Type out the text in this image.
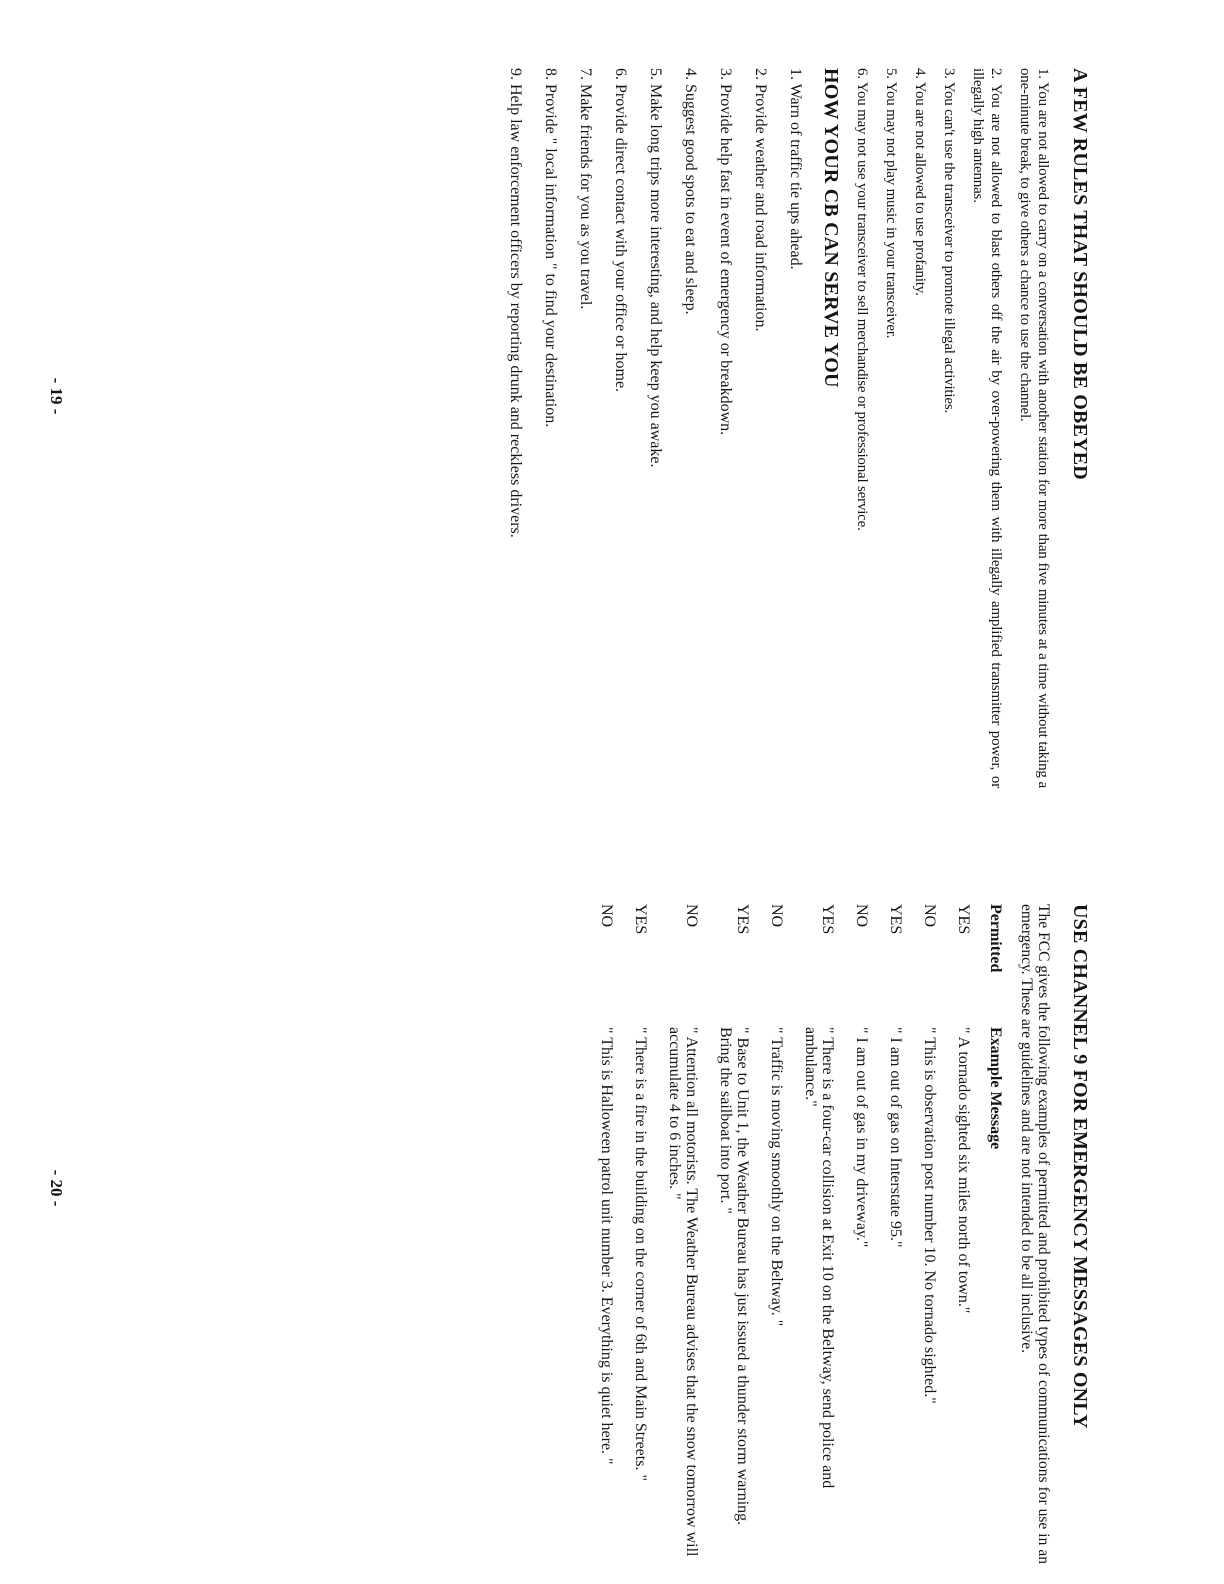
A FEW RULES THAT SHOULD BE OBEYED

1. You are not allowed to carry on a conversation with another station for more than five minutes at a time without taking a one-minute break, to give others a chance to use the channel.

2. You are not allowed to blast others off the air by over-powering them with illegally amplified transmitter power, or illegally high antennas.

3. You can't use the transceiver to promote illegal activities.

4. You are not allowed to use profanity.

5. You may not play music in your transceiver.

6. You may not use your transceiver to sell merchandise or professional service.

HOW YOUR CB CAN SERVE YOU

1. Warn of traffic tie ups ahead.

2. Provide weather and road information.

3. Provide help fast in event of emergency or breakdown.

4. Suggest good spots to eat and sleep.

5. Make long trips more interesting, and help keep you awake.

6. Provide direct contact with your office or home.

7. Make friends for you as you travel.

8. Provide " local information " to find your destination.

9. Help law enforcement officers by reporting drunk and reckless drivers.

- 19 -
USE CHANNEL 9 FOR EMERGENCY MESSAGES ONLY

The FCC gives the following examples of permitted and prohibited types of communications for use in an emergency. These are guidelines and are not intended to be all inclusive.

Permitted	Example Message
YES	" A tornado sighted six miles north of town."
NO	" This is observation post number 10. No tornado sighted."
YES	" I am out of gas on Interstate 95."
NO	" I am out of gas in my driveway."
YES	" There is a four-car collision at Exit 10 on the Beltway, send police and ambulance."
NO	" Traffic is moving smoothly on the Beltway. "
YES	" Base to Unit 1, the Weather Bureau has just issued a thunder storm warning. Bring the sailboat into port. "
NO	" Attention all motorists. The Weather Bureau advises that the snow tomorrow will accumulate 4 to 6 inches. "
YES	" There is a fire in the building on the corner of 6th and Main Streets. "
NO	" This is Halloween patrol unit number 3. Everything is quiet here. "
- 20 -
